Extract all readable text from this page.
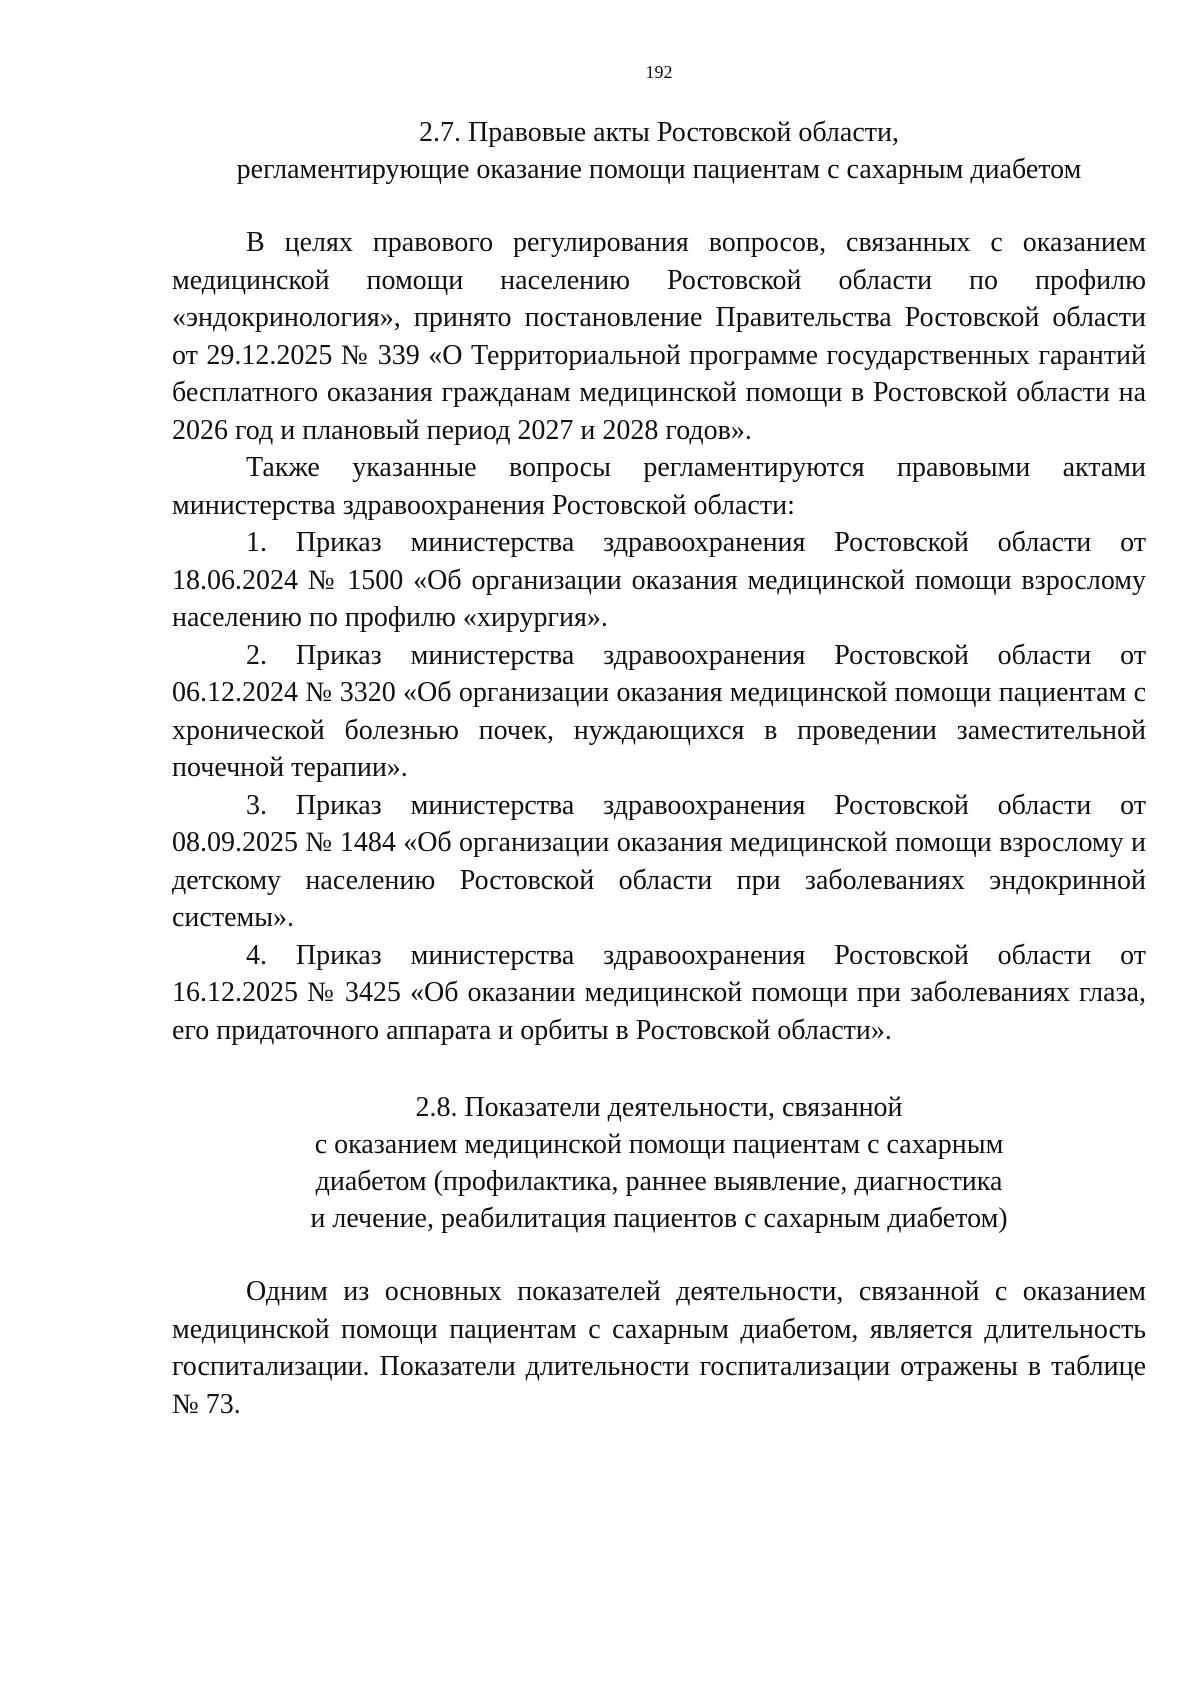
192
2.7. Правовые акты Ростовской области,
регламентирующие оказание помощи пациентам с сахарным диабетом

В целях правового регулирования вопросов, связанных с оказанием медицинской помощи населению Ростовской области по профилю «эндокринология», принято постановление Правительства Ростовской области от 29.12.2025 № 339 «О Территориальной программе государственных гарантий бесплатного оказания гражданам медицинской помощи в Ростовской области на 2026 год и плановый период 2027 и 2028 годов».

Также указанные вопросы регламентируются правовыми актами министерства здравоохранения Ростовской области:

1. Приказ министерства здравоохранения Ростовской области от 18.06.2024 № 1500 «Об организации оказания медицинской помощи взрослому населению по профилю «хирургия».

2. Приказ министерства здравоохранения Ростовской области от 06.12.2024 № 3320 «Об организации оказания медицинской помощи пациентам с хронической болезнью почек, нуждающихся в проведении заместительной почечной терапии».

3. Приказ министерства здравоохранения Ростовской области от 08.09.2025 № 1484 «Об организации оказания медицинской помощи взрослому и детскому населению Ростовской области при заболеваниях эндокринной системы».

4. Приказ министерства здравоохранения Ростовской области от 16.12.2025 № 3425 «Об оказании медицинской помощи при заболеваниях глаза, его придаточного аппарата и орбиты в Ростовской области».

2.8. Показатели деятельности, связанной
с оказанием медицинской помощи пациентам с сахарным
диабетом (профилактика, раннее выявление, диагностика
и лечение, реабилитация пациентов с сахарным диабетом)

Одним из основных показателей деятельности, связанной с оказанием медицинской помощи пациентам с сахарным диабетом, является длительность госпитализации. Показатели длительности госпитализации отражены в таблице № 73.
